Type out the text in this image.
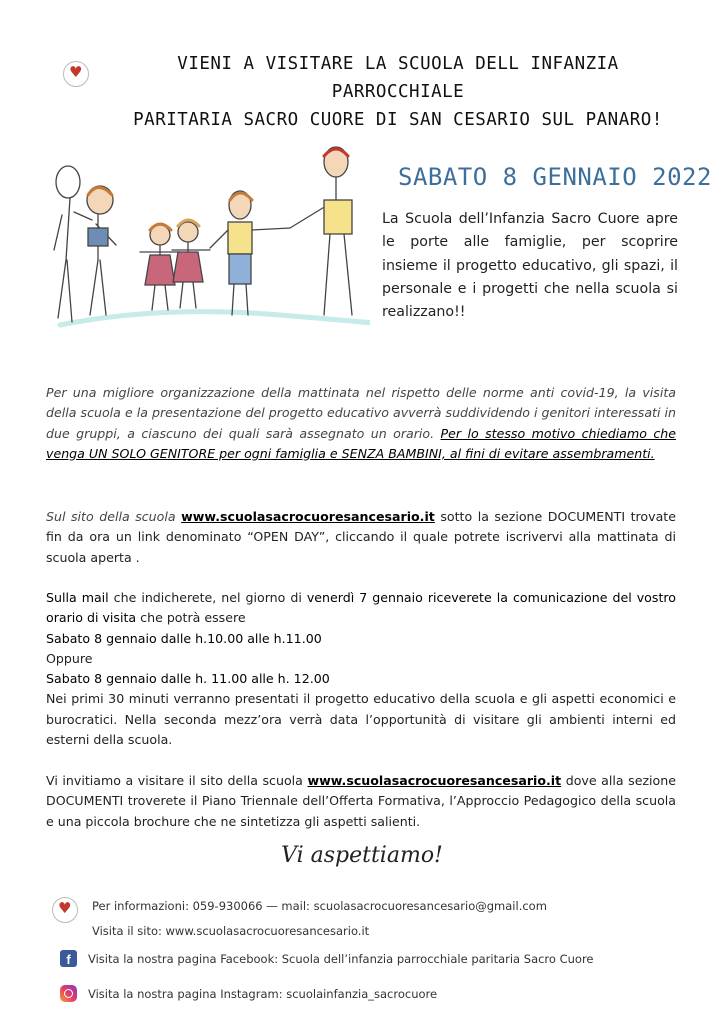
♥
VIENI A VISITARE LA SCUOLA DELL INFANZIA PARROCCHIALE
PARITARIA SACRO CUORE DI SAN CESARIO SUL PANARO!
SABATO 8 GENNAIO 2022

La Scuola dell’Infanzia Sacro Cuore apre le porte alle famiglie, per scoprire insieme il progetto educativo, gli spazi, il personale e i progetti che nella scuola si realizzano!!

Per una migliore organizzazione della mattinata nel rispetto delle norme anti covid-19, la visita della scuola e la presentazione del progetto educativo avverrà suddividendo i genitori interessati in due gruppi, a ciascuno dei quali sarà assegnato un orario. Per lo stesso motivo chiediamo che venga UN SOLO GENITORE per ogni famiglia e SENZA BAMBINI, al fini di evitare assembramenti.
Sul sito della scuola www.scuolasacrocuoresancesario.it sotto la sezione DOCUMENTI trovate fin da ora un link denominato “OPEN DAY”, cliccando il quale potrete iscrivervi alla mattinata di scuola aperta .
Sulla mail che indicherete, nel giorno di venerdì 7 gennaio riceverete la comunicazione del vostro orario di visita che potrà essere
Sabato 8 gennaio dalle h.10.00 alle h.11.00
Oppure
Sabato 8 gennaio dalle h. 11.00 alle h. 12.00
Nei primi 30 minuti verranno presentati il progetto educativo della scuola e gli aspetti economici e burocratici. Nella seconda mezz’ora verrà data l’opportunità di visitare gli ambienti interni ed esterni della scuola.
Vi invitiamo a visitare il sito della scuola www.scuolasacrocuoresancesario.it dove alla sezione DOCUMENTI troverete il Piano Triennale dell’Offerta Formativa, l’Approccio Pedagogico della scuola e una piccola brochure che ne sintetizza gli aspetti salienti.
Vi aspettiamo!
♥
Per informazioni: 059-930066 — mail: scuolasacrocuoresancesario@gmail.com
Visita il sito: www.scuolasacrocuoresancesario.it
f	Visita la nostra pagina Facebook: Scuola dell’infanzia parrocchiale paritaria Sacro Cuore
Visita la nostra pagina Instagram: scuolainfanzia_sacrocuore
